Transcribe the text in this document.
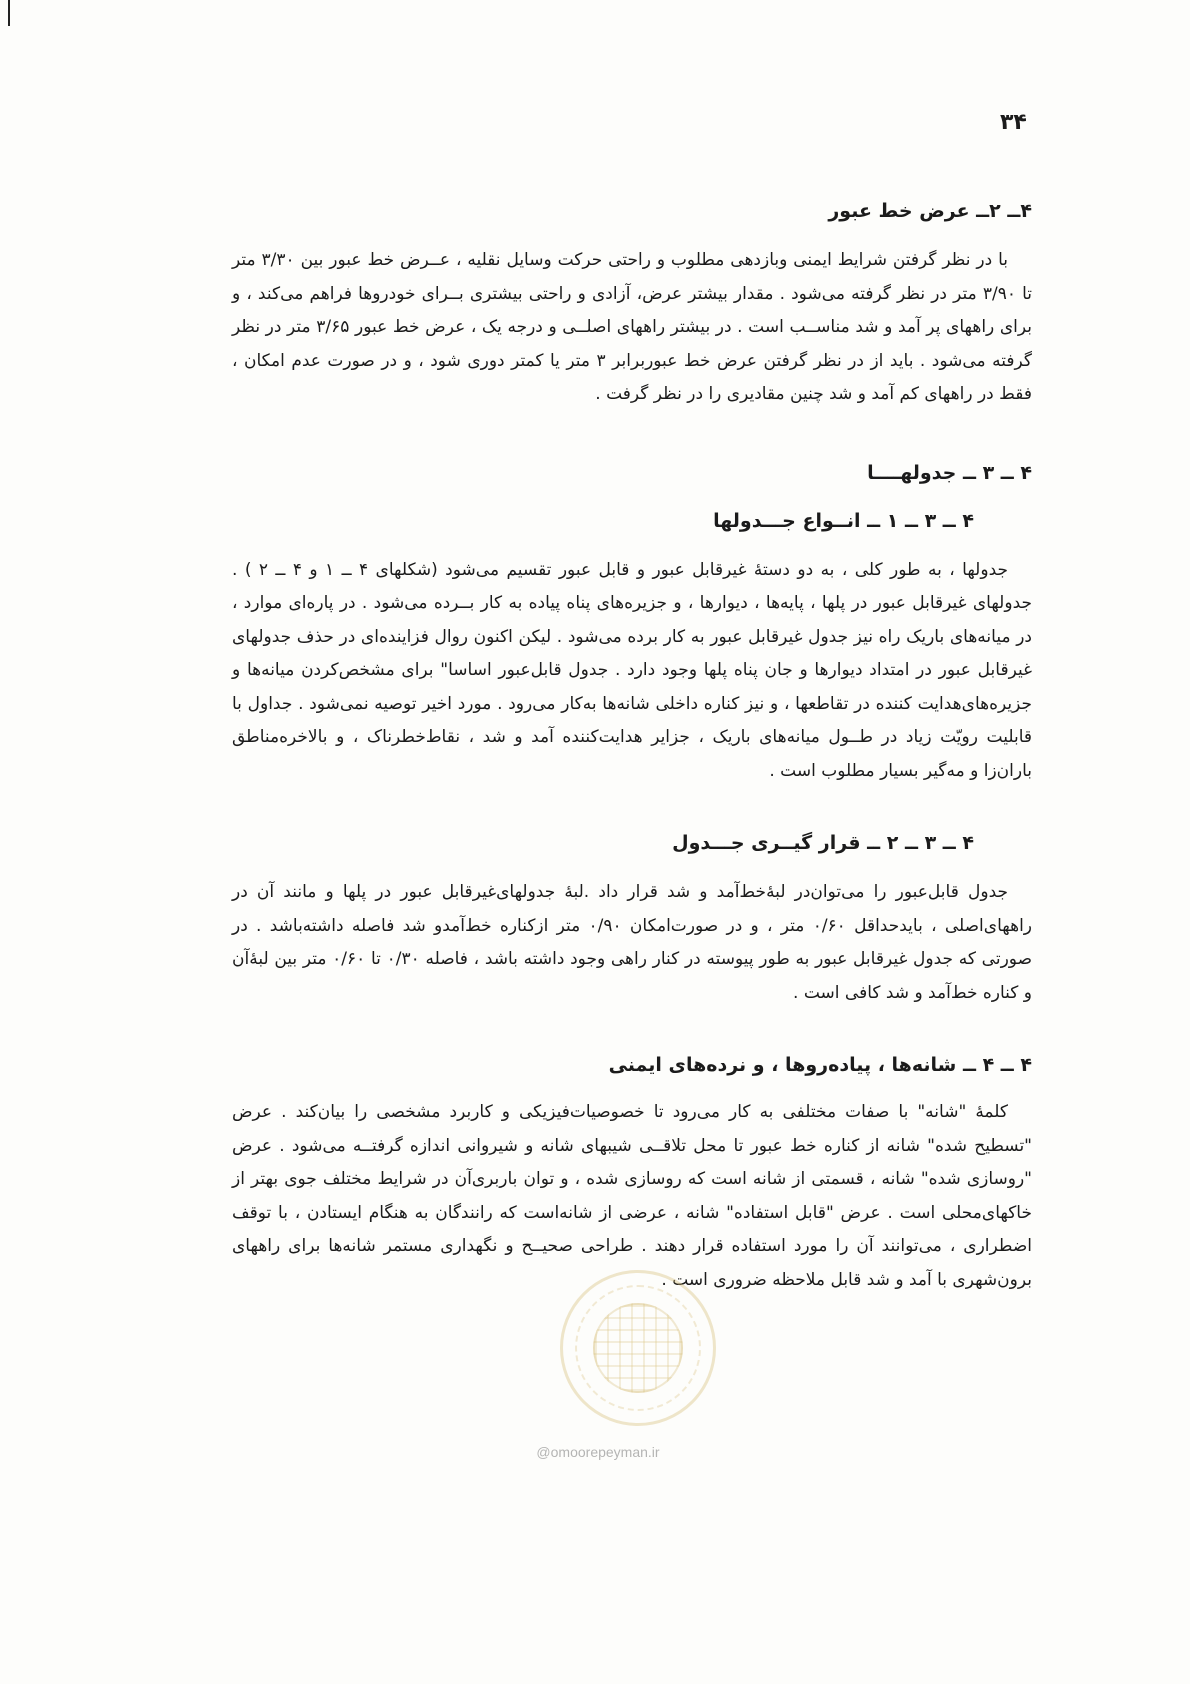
۳۴
۴ــ ۲ــ عرض خط عبور

با در نظر گرفتن شرایط ایمنی وبازدهی مطلوب و راحتی حرکت وسایل نقلیه ، عــرض خط عبور بین ۳/۳۰ متر تا ۳/۹۰ متر در نظر گرفته می‌شود . مقدار بیشتر عرض، آزادی و راحتی بیشتری بــرای خودروها فراهم می‌کند ، و برای راههای پر آمد و شد مناســب است . در بیشتر راههای اصلــی و درجه یک ، عرض خط عبور ۳/۶۵ متر در نظر گرفته می‌شود . باید از در نظر گرفتن عرض خط عبوربرابر ۳ متر یا کمتر دوری شود ، و در صورت عدم امکان ، فقط در راههای کم آمد و شد چنین مقادیری را در نظر گرفت .

۴ ــ ۳ ــ جدولهــــا
۴ ــ ۳ ــ ۱ ــ انــواع جـــدولها

جدولها ، به طور کلی ، به دو دستهٔ غیرقابل عبور و قابل عبور تقسیم می‌شود (شکلهای ۴ ــ ۱ و ۴ ــ ۲ ) . جدولهای غیرقابل عبور در پلها ، پایه‌ها ، دیوارها ، و جزیره‌های پناه پیاده به کار بــرده می‌شود . در پاره‌ای موارد ، در میانه‌های باریک راه نیز جدول غیرقابل عبور به کار برده می‌شود . لیکن اکنون روال فزاینده‌ای در حذف جدولهای غیرقابل عبور در امتداد دیوارها و جان پناه پلها وجود دارد . جدول قابل‌عبور اساسا" برای مشخص‌کردن میانه‌ها و جزیره‌های‌هدایت کننده در تقاطعها ، و نیز کناره داخلی شانه‌ها به‌کار می‌رود . مورد اخیر توصیه نمی‌شود . جداول با قابلیت رویّت زیاد در طــول میانه‌های باریک ، جزایر هدایت‌کننده آمد و شد ، نقاط‌خطرناک ، و بالاخره‌مناطق باران‌زا و مه‌گیر بسیار مطلوب است .

۴ ــ ۳ ــ ۲ ــ قرار گیــری جـــدول

جدول قابل‌عبور را می‌توان‌در لبهٔ‌خط‌آمد و شد قرار داد .لبهٔ جدولهای‌غیرقابل عبور در پلها و مانند آن در راههای‌اصلی ، باید‌حداقل ۰/۶۰ متر ، و در صورت‌امکان ۰/۹۰ متر از‌کناره خط‌آمدو شد فاصله داشته‌باشد . در صورتی که جدول غیرقابل عبور به طور پیوسته در کنار راهی وجود داشته باشد ، فاصله ۰/۳۰ تا ۰/۶۰ متر بین لبهٔ‌آن و کناره خط‌آمد و شد کافی است .

۴ ــ ۴ ــ شانه‌ها ، پیاده‌روها ، و نرده‌های ایمنی

کلمهٔ "شانه" با صفات مختلفی به کار می‌رود تا خصوصیات‌فیزیکی و کاربرد مشخصی را بیان‌کند . عرض "تسطیح شده" شانه از کناره خط عبور تا محل تلاقــی شیبهای شانه و شیروانی اندازه گرفتــه می‌شود . عرض "روسازی شده" شانه ، قسمتی از شانه است که روسازی شده ، و توان باربری‌آن در شرایط مختلف جوی بهتر از خاکهای‌محلی است . عرض "قابل استفاده" شانه ، عرضی از شانه‌است که رانندگان به هنگام ایستادن ، با توقف اضطراری ، می‌توانند آن را مورد استفاده قرار دهند . طراحی صحیــح و نگهداری مستمر شانه‌ها برای راههای برون‌شهری با آمد و شد قابل ملاحظه ضروری است .

@omoorepeyman.ir
